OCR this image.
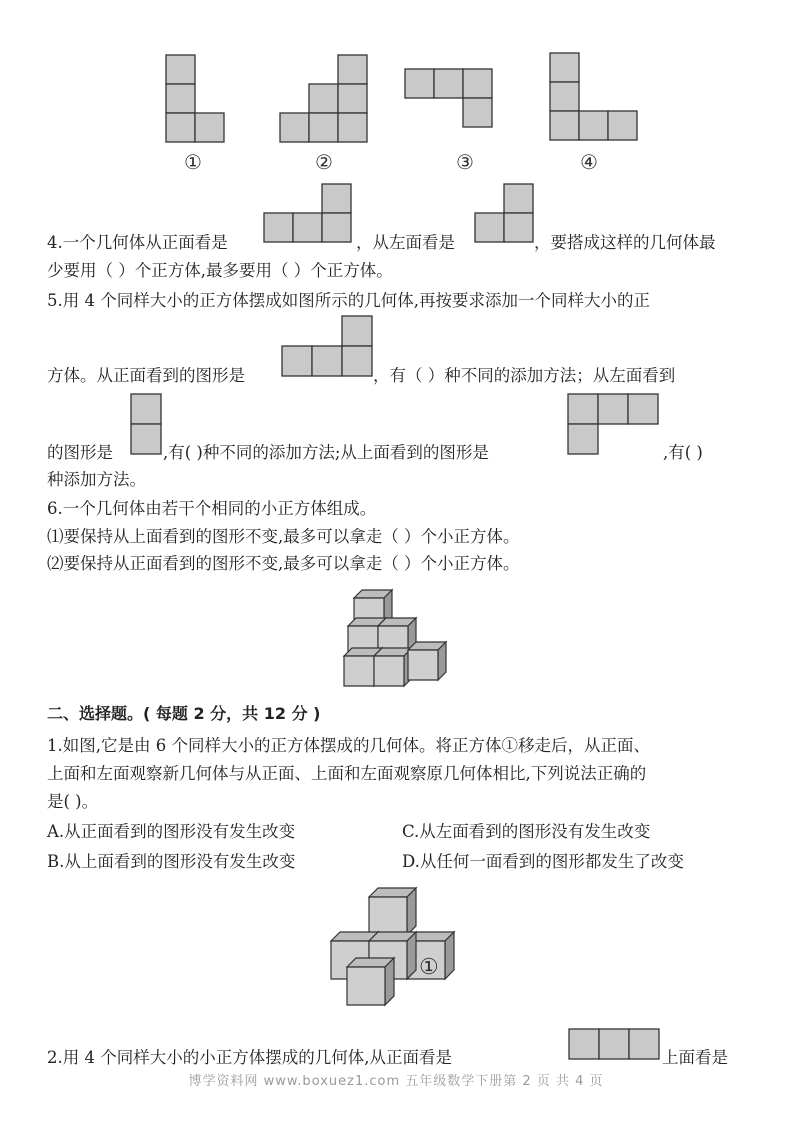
①	②	③	④
4.一个几何体从正面看是	，从左面看是	，要搭成这样的几何体最
少要用（ ）个正方体,最多要用（ ）个正方体。
5.用 4 个同样大小的正方体摆成如图所示的几何体,再按要求添加一个同样大小的正
方体。从正面看到的图形是	，有（ ）种不同的添加方法；从左面看到
的图形是	,有( )种不同的添加方法;从上面看到的图形是	,有( )
种添加方法。
6.一个几何体由若干个相同的小正方体组成。
⑴要保持从上面看到的图形不变,最多可以拿走（ ）个小正方体。
⑵要保持从正面看到的图形不变,最多可以拿走（ ）个小正方体。
二、选择题。( 每题 2 分，共 12 分 )
1.如图,它是由 6 个同样大小的正方体摆成的几何体。将正方体①移走后，从正面、
上面和左面观察新几何体与从正面、上面和左面观察原几何体相比,下列说法正确的
是( )。
A.从正面看到的图形没有发生改变	C.从左面看到的图形没有发生改变
B.从上面看到的图形没有发生改变	D.从任何一面看到的图形都发生了改变
①
2.用 4 个同样大小的小正方体摆成的几何体,从正面看是	上面看是
博学资料网 www.boxuez1.com 五年级数学下册第 2 页 共 4 页
